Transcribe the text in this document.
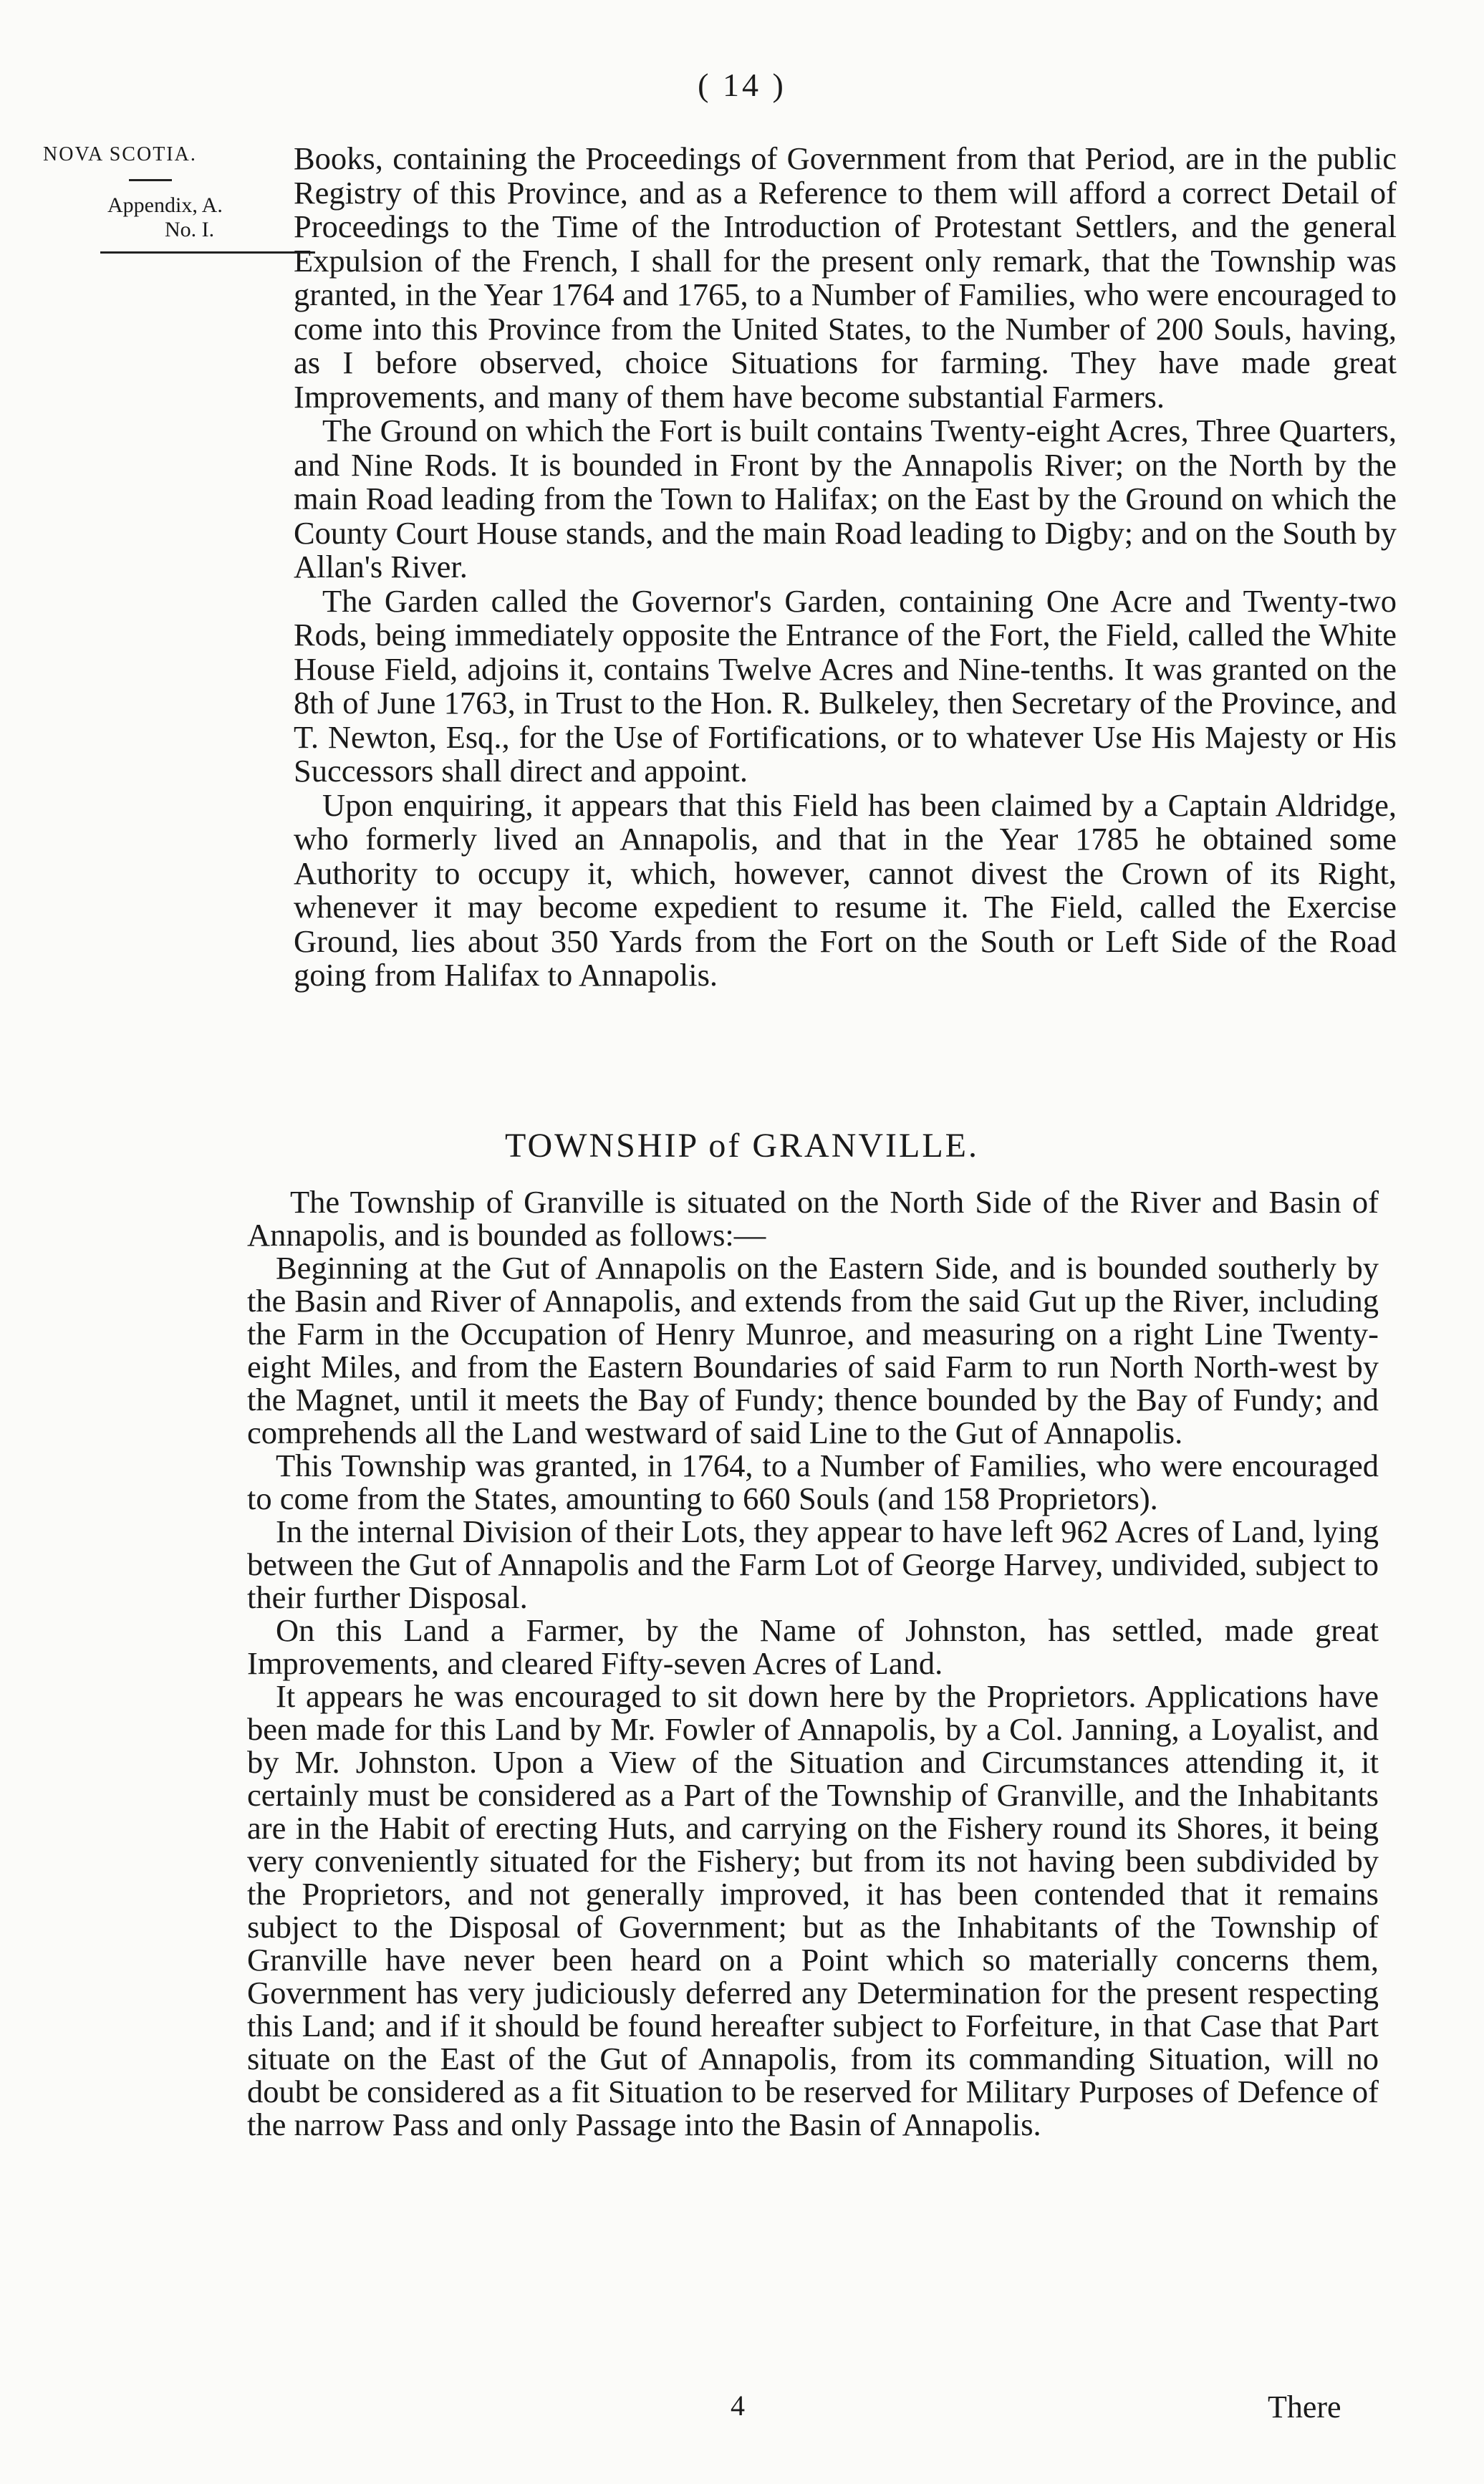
( 14 )
NOVA SCOTIA.
Appendix, A.
No. I.

Books, containing the Proceedings of Government from that Period, are in the public Registry of this Province, and as a Reference to them will afford a correct Detail of Proceedings to the Time of the Introduction of Protestant Settlers, and the general Expulsion of the French, I shall for the present only remark, that the Township was granted, in the Year 1764 and 1765, to a Number of Families, who were encouraged to come into this Province from the United States, to the Number of 200 Souls, having, as I before observed, choice Situations for farming. They have made great Improvements, and many of them have become substantial Farmers.

The Ground on which the Fort is built contains Twenty-eight Acres, Three Quarters, and Nine Rods. It is bounded in Front by the Annapolis River; on the North by the main Road leading from the Town to Halifax; on the East by the Ground on which the County Court House stands, and the main Road leading to Digby; and on the South by Allan's River.

The Garden called the Governor's Garden, containing One Acre and Twenty-two Rods, being immediately opposite the Entrance of the Fort, the Field, called the White House Field, adjoins it, contains Twelve Acres and Nine-tenths. It was granted on the 8th of June 1763, in Trust to the Hon. R. Bulkeley, then Secretary of the Province, and T. Newton, Esq., for the Use of Fortifications, or to whatever Use His Majesty or His Successors shall direct and appoint.

Upon enquiring, it appears that this Field has been claimed by a Captain Aldridge, who formerly lived an Annapolis, and that in the Year 1785 he obtained some Authority to occupy it, which, however, cannot divest the Crown of its Right, whenever it may become expedient to resume it. The Field, called the Exercise Ground, lies about 350 Yards from the Fort on the South or Left Side of the Road going from Halifax to Annapolis.

TOWNSHIP of GRANVILLE.

The Township of Granville is situated on the North Side of the River and Basin of Annapolis, and is bounded as follows:—

Beginning at the Gut of Annapolis on the Eastern Side, and is bounded southerly by the Basin and River of Annapolis, and extends from the said Gut up the River, including the Farm in the Occupation of Henry Munroe, and measuring on a right Line Twenty-eight Miles, and from the Eastern Boundaries of said Farm to run North North-west by the Magnet, until it meets the Bay of Fundy; thence bounded by the Bay of Fundy; and comprehends all the Land westward of said Line to the Gut of Annapolis.

This Township was granted, in 1764, to a Number of Families, who were encouraged to come from the States, amounting to 660 Souls (and 158 Proprietors).

In the internal Division of their Lots, they appear to have left 962 Acres of Land, lying between the Gut of Annapolis and the Farm Lot of George Harvey, undivided, subject to their further Disposal.

On this Land a Farmer, by the Name of Johnston, has settled, made great Improvements, and cleared Fifty-seven Acres of Land.

It appears he was encouraged to sit down here by the Proprietors. Applications have been made for this Land by Mr. Fowler of Annapolis, by a Col. Janning, a Loyalist, and by Mr. Johnston. Upon a View of the Situation and Circumstances attending it, it certainly must be considered as a Part of the Township of Granville, and the Inhabitants are in the Habit of erecting Huts, and carrying on the Fishery round its Shores, it being very conveniently situated for the Fishery; but from its not having been subdivided by the Proprietors, and not generally improved, it has been contended that it remains subject to the Disposal of Government; but as the Inhabitants of the Township of Granville have never been heard on a Point which so materially concerns them, Government has very judiciously deferred any Determination for the present respecting this Land; and if it should be found hereafter subject to Forfeiture, in that Case that Part situate on the East of the Gut of Annapolis, from its commanding Situation, will no doubt be considered as a fit Situation to be reserved for Military Purposes of Defence of the narrow Pass and only Passage into the Basin of Annapolis.

4	There
